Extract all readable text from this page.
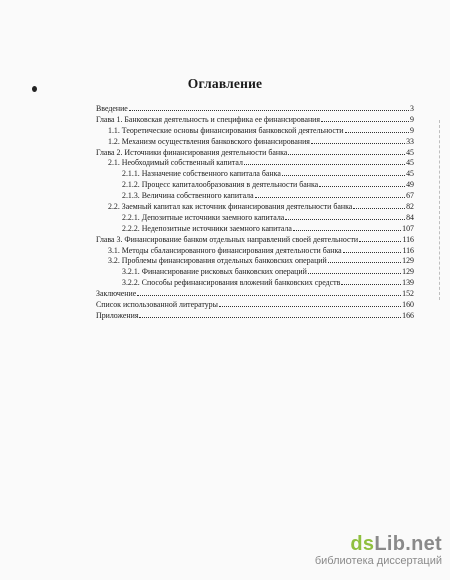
Оглавление
Введение	3
Глава 1. Банковская деятельность и специфика ее финансирования	9
1.1. Теоретические основы финансирования банковской деятельности	9
1.2. Механизм осуществления банковского финансирования	33
Глава 2. Источники финансирования деятельности банка	45
2.1. Необходимый собственный капитал	45
2.1.1. Назначение собственного капитала банка	45
2.1.2. Процесс капиталообразования в деятельности банка	49
2.1.3. Величина собственного капитала	67
2.2. Заемный капитал как источник финансирования деятельности банка	82
2.2.1. Депозитные источники заемного капитала	84
2.2.2. Недепозитные источники заемного капитала	107
Глава 3. Финансирование банком отдельных направлений своей деятельности	116
3.1. Методы сбалансированного финансирования деятельности банка	116
3.2. Проблемы финансирования отдельных банковских операций	129
3.2.1. Финансирование рисковых банковских операций	129
3.2.2. Способы рефинансирования вложений банковских средств	139
Заключение	152
Список использованной литературы	160
Приложения	166
dsLib.net
библиотека диссертаций
